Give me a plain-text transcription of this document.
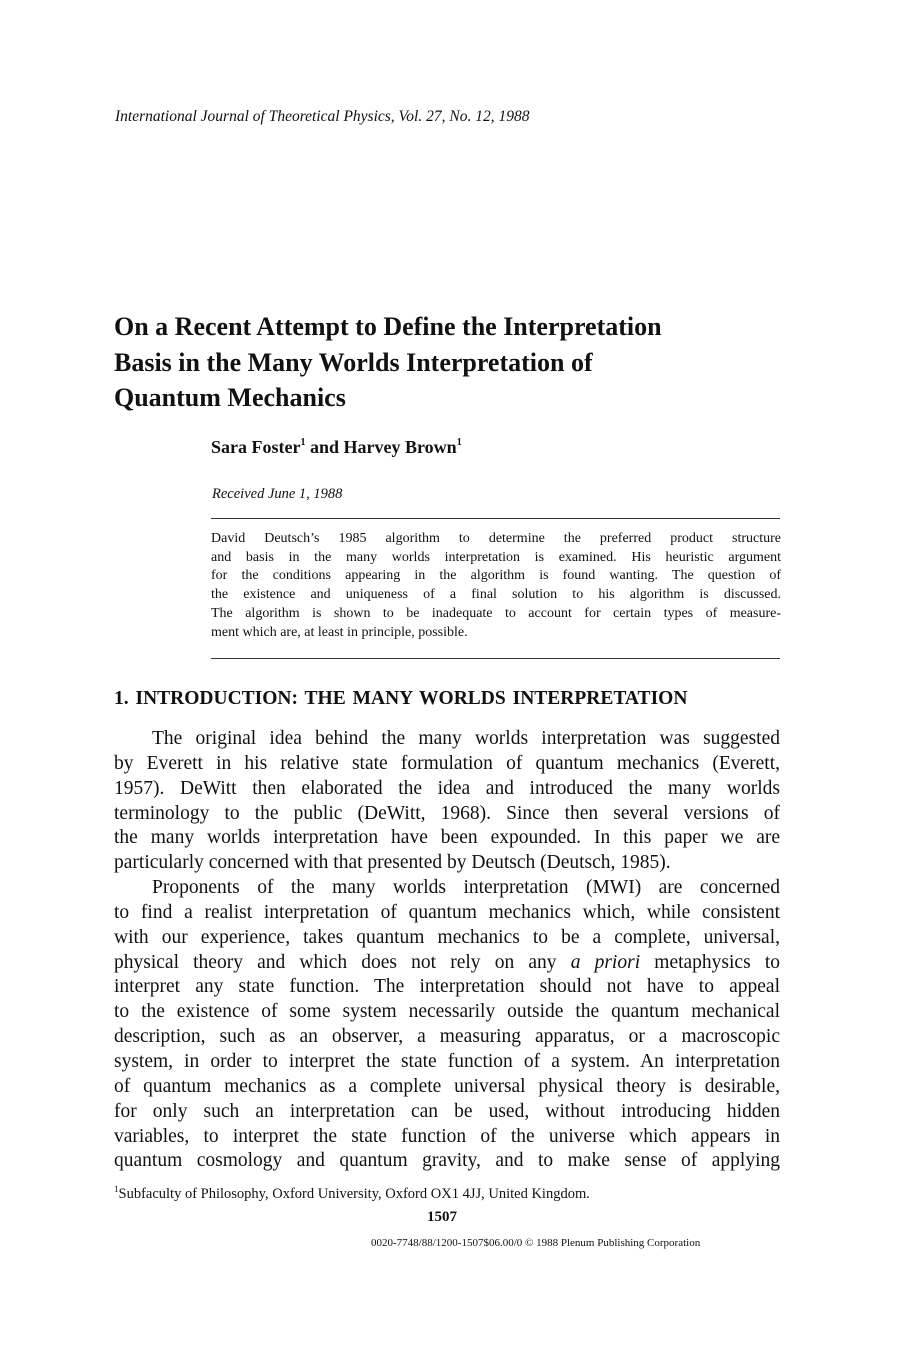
International Journal of Theoretical Physics, Vol. 27, No. 12, 1988
On a Recent Attempt to Define the Interpretation
Basis in the Many Worlds Interpretation of
Quantum Mechanics
Sara Foster$^1$ and Harvey Brown$^1$
Received June 1, 1988
David Deutsch’s 1985 algorithm to determine the preferred product structure
and basis in the many worlds interpretation is examined. His heuristic argument
for the conditions appearing in the algorithm is found wanting. The question of
the existence and uniqueness of a final solution to his algorithm is discussed.
The algorithm is shown to be inadequate to account for certain types of measure-
ment which are, at least in principle, possible.
1. INTRODUCTION: THE MANY WORLDS INTERPRETATION
The original idea behind the many worlds interpretation was suggested
by Everett in his relative state formulation of quantum mechanics (Everett,
1957). DeWitt then elaborated the idea and introduced the many worlds
terminology to the public (DeWitt, 1968). Since then several versions of
the many worlds interpretation have been expounded. In this paper we are
particularly concerned with that presented by Deutsch (Deutsch, 1985).
Proponents of the many worlds interpretation (MWI) are concerned
to find a realist interpretation of quantum mechanics which, while consistent
with our experience, takes quantum mechanics to be a complete, universal,
physical theory and which does not rely on any a priori metaphysics to
interpret any state function. The interpretation should not have to appeal
to the existence of some system necessarily outside the quantum mechanical
description, such as an observer, a measuring apparatus, or a macroscopic
system, in order to interpret the state function of a system. An interpretation
of quantum mechanics as a complete universal physical theory is desirable,
for only such an interpretation can be used, without introducing hidden
variables, to interpret the state function of the universe which appears in
quantum cosmology and quantum gravity, and to make sense of applying
$^1$Subfaculty of Philosophy, Oxford University, Oxford OX1 4JJ, United Kingdom.
1507
0020-7748/88/1200-1507$06.00/0 © 1988 Plenum Publishing Corporation
